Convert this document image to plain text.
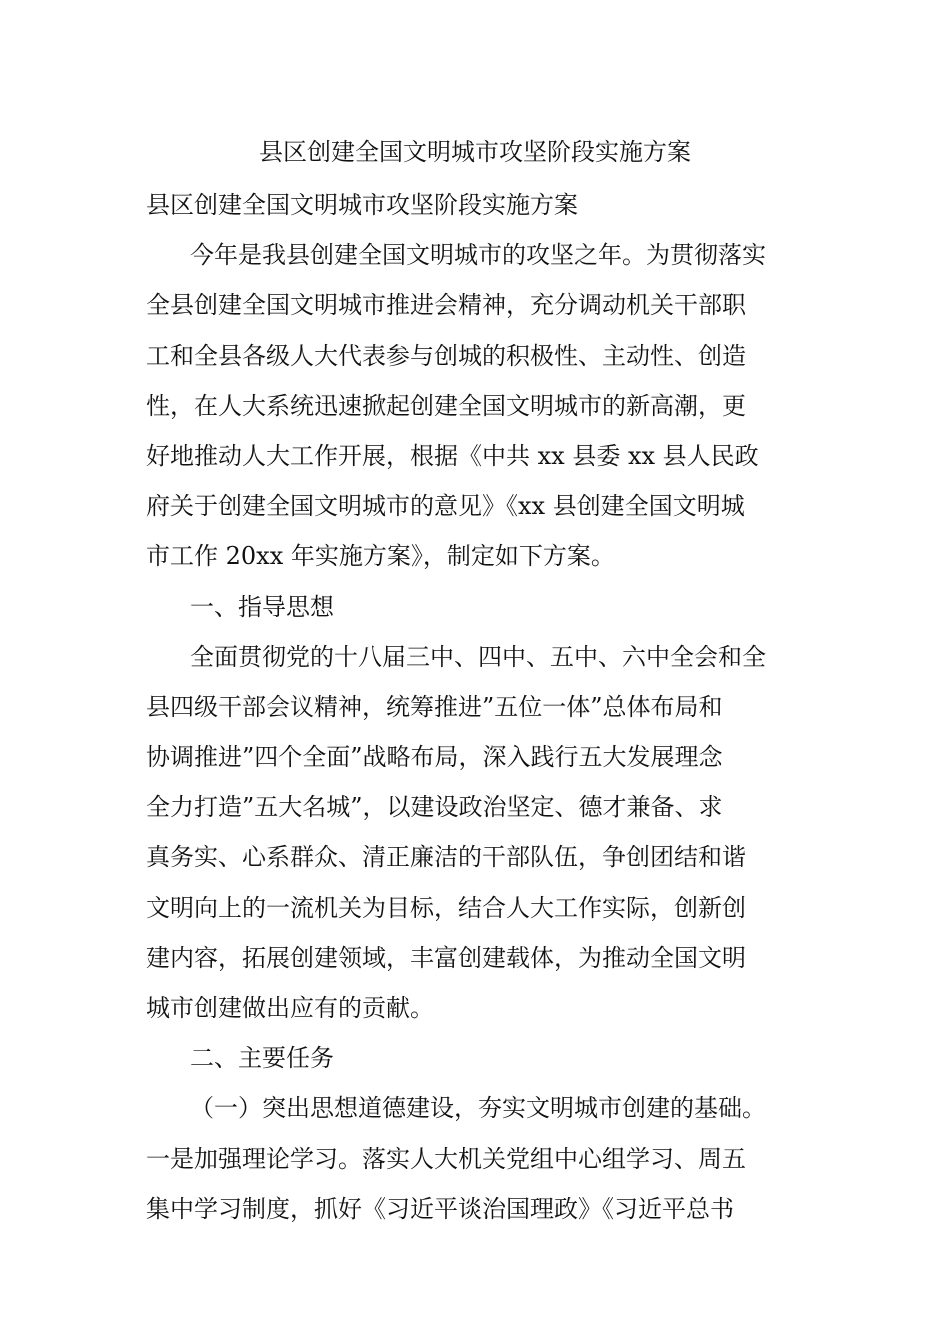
县区创建全国文明城市攻坚阶段实施方案

县区创建全国文明城市攻坚阶段实施方案

今年是我县创建全国文明城市的攻坚之年。为贯彻落实
全县创建全国文明城市推进会精神，充分调动机关干部职
工和全县各级人大代表参与创城的积极性、主动性、创造
性，在人大系统迅速掀起创建全国文明城市的新高潮，更
好地推动人大工作开展，根据《中共 xx 县委 xx 县人民政
府关于创建全国文明城市的意见》《xx 县创建全国文明城
市工作 20xx 年实施方案》，制定如下方案。

一、指导思想

全面贯彻党的十八届三中、四中、五中、六中全会和全
县四级干部会议精神，统筹推进”五位一体”总体布局和
协调推进”四个全面”战略布局，深入践行五大发展理念
全力打造”五大名城”，以建设政治坚定、德才兼备、求
真务实、心系群众、清正廉洁的干部队伍，争创团结和谐
文明向上的一流机关为目标，结合人大工作实际，创新创
建内容，拓展创建领域，丰富创建载体，为推动全国文明
城市创建做出应有的贡献。

二、主要任务

（一）突出思想道德建设，夯实文明城市创建的基础。
一是加强理论学习。落实人大机关党组中心组学习、周五
集中学习制度，抓好《习近平谈治国理政》《习近平总书
